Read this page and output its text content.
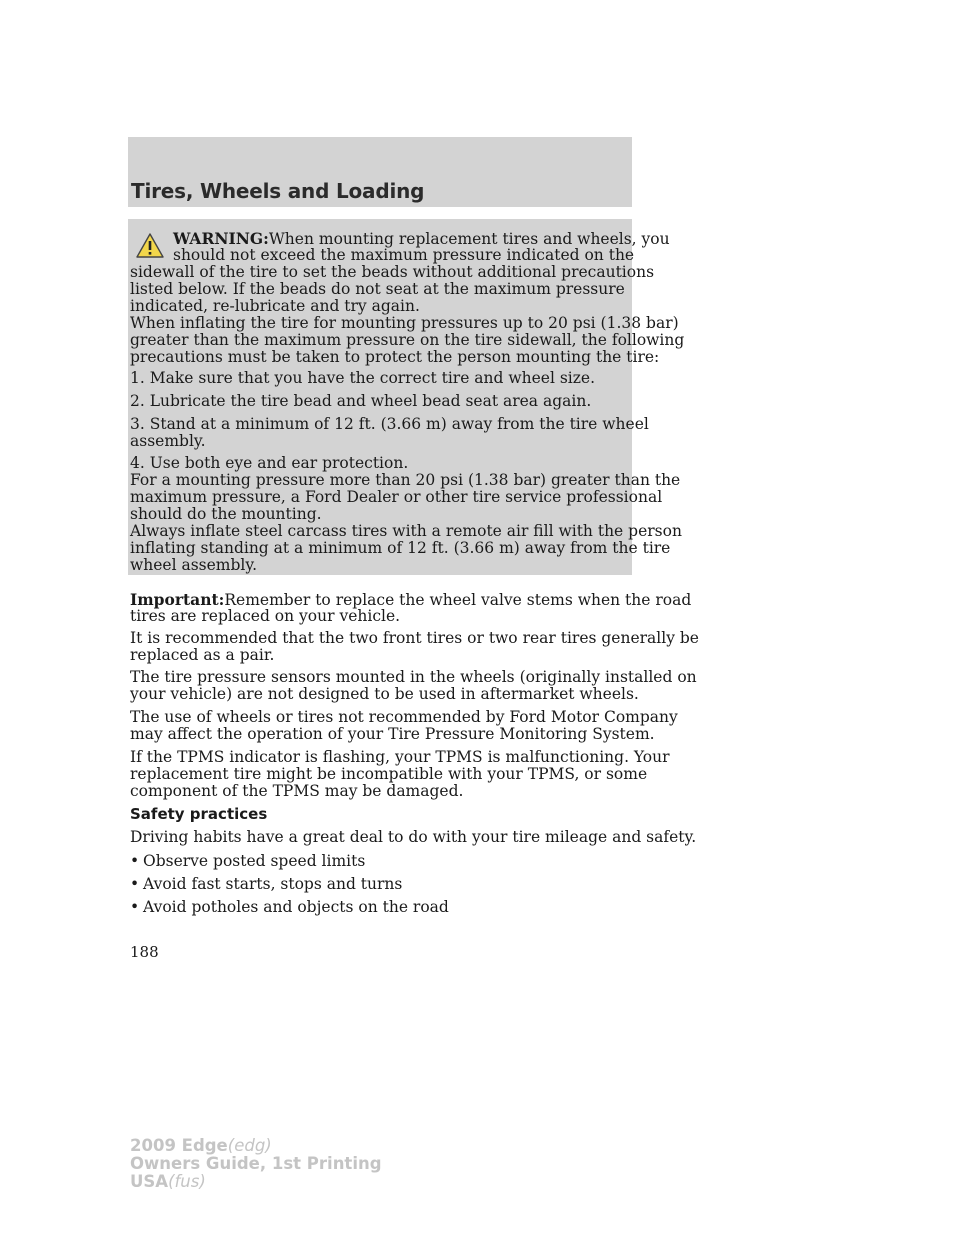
Tires, Wheels and Loading

WARNING:When mounting replacement tires and wheels, you

should not exceed the maximum pressure indicated on the

sidewall of the tire to set the beads without additional precautions

listed below. If the beads do not seat at the maximum pressure

indicated, re-lubricate and try again.

When inflating the tire for mounting pressures up to 20 psi (1.38 bar)

greater than the maximum pressure on the tire sidewall, the following

precautions must be taken to protect the person mounting the tire:

1. Make sure that you have the correct tire and wheel size.

2. Lubricate the tire bead and wheel bead seat area again.

3. Stand at a minimum of 12 ft. (3.66 m) away from the tire wheel

assembly.

4. Use both eye and ear protection.

For a mounting pressure more than 20 psi (1.38 bar) greater than the

maximum pressure, a Ford Dealer or other tire service professional

should do the mounting.

Always inflate steel carcass tires with a remote air fill with the person

inflating standing at a minimum of 12 ft. (3.66 m) away from the tire

wheel assembly.

Important:Remember to replace the wheel valve stems when the road

tires are replaced on your vehicle.

It is recommended that the two front tires or two rear tires generally be

replaced as a pair.

The tire pressure sensors mounted in the wheels (originally installed on

your vehicle) are not designed to be used in aftermarket wheels.

The use of wheels or tires not recommended by Ford Motor Company

may affect the operation of your Tire Pressure Monitoring System.

If the TPMS indicator is flashing, your TPMS is malfunctioning. Your

replacement tire might be incompatible with your TPMS, or some

component of the TPMS may be damaged.

Safety practices

Driving habits have a great deal to do with your tire mileage and safety.

• Observe posted speed limits

• Avoid fast starts, stops and turns

• Avoid potholes and objects on the road

188
2009 Edge(edg)
Owners Guide, 1st Printing
USA(fus)
